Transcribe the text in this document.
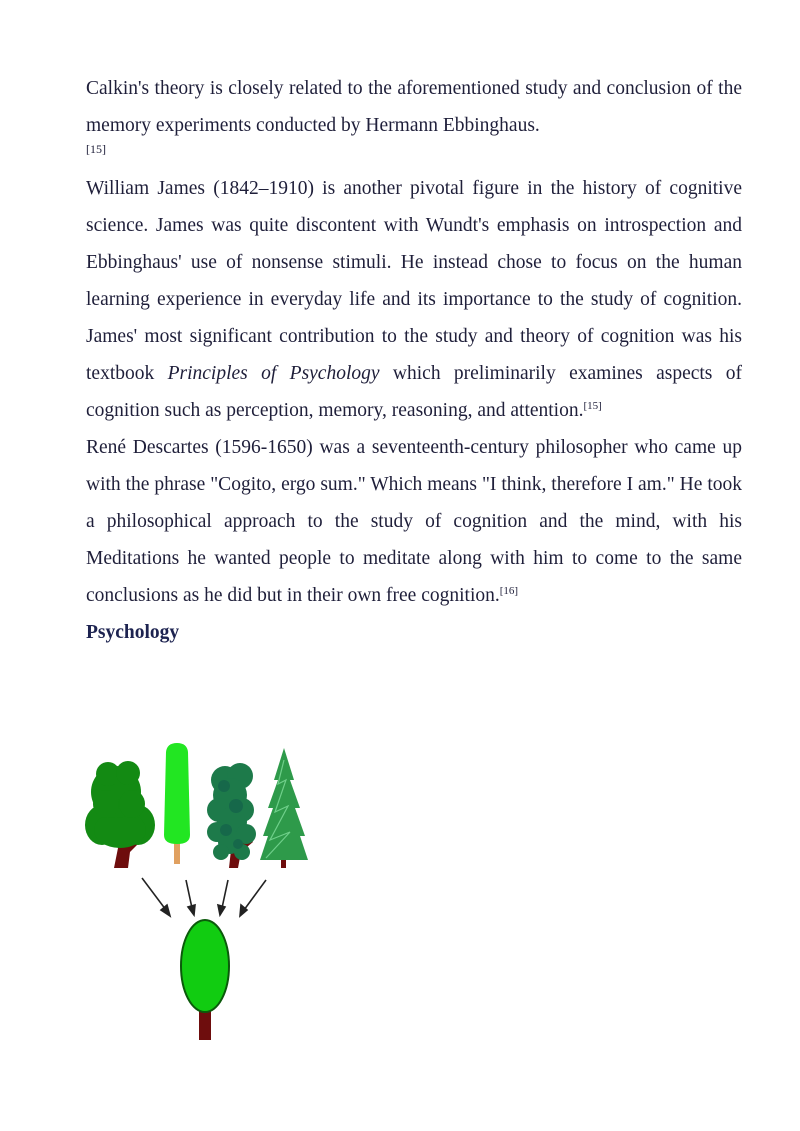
Calkin's theory is closely related to the aforementioned study and conclusion of the memory experiments conducted by Hermann Ebbinghaus.
[15]

William James (1842–1910) is another pivotal figure in the history of cognitive science. James was quite discontent with Wundt's emphasis on introspection and Ebbinghaus' use of nonsense stimuli. He instead chose to focus on the human learning experience in everyday life and its importance to the study of cognition. James' most significant contribution to the study and theory of cognition was his textbook Principles of Psychology which preliminarily examines aspects of cognition such as perception, memory, reasoning, and attention.[15]

René Descartes (1596-1650) was a seventeenth-century philosopher who came up with the phrase "Cogito, ergo sum." Which means "I think, therefore I am." He took a philosophical approach to the study of cognition and the mind, with his Meditations he wanted people to meditate along with him to come to the same conclusions as he did but in their own free cognition.[16]

Psychology
